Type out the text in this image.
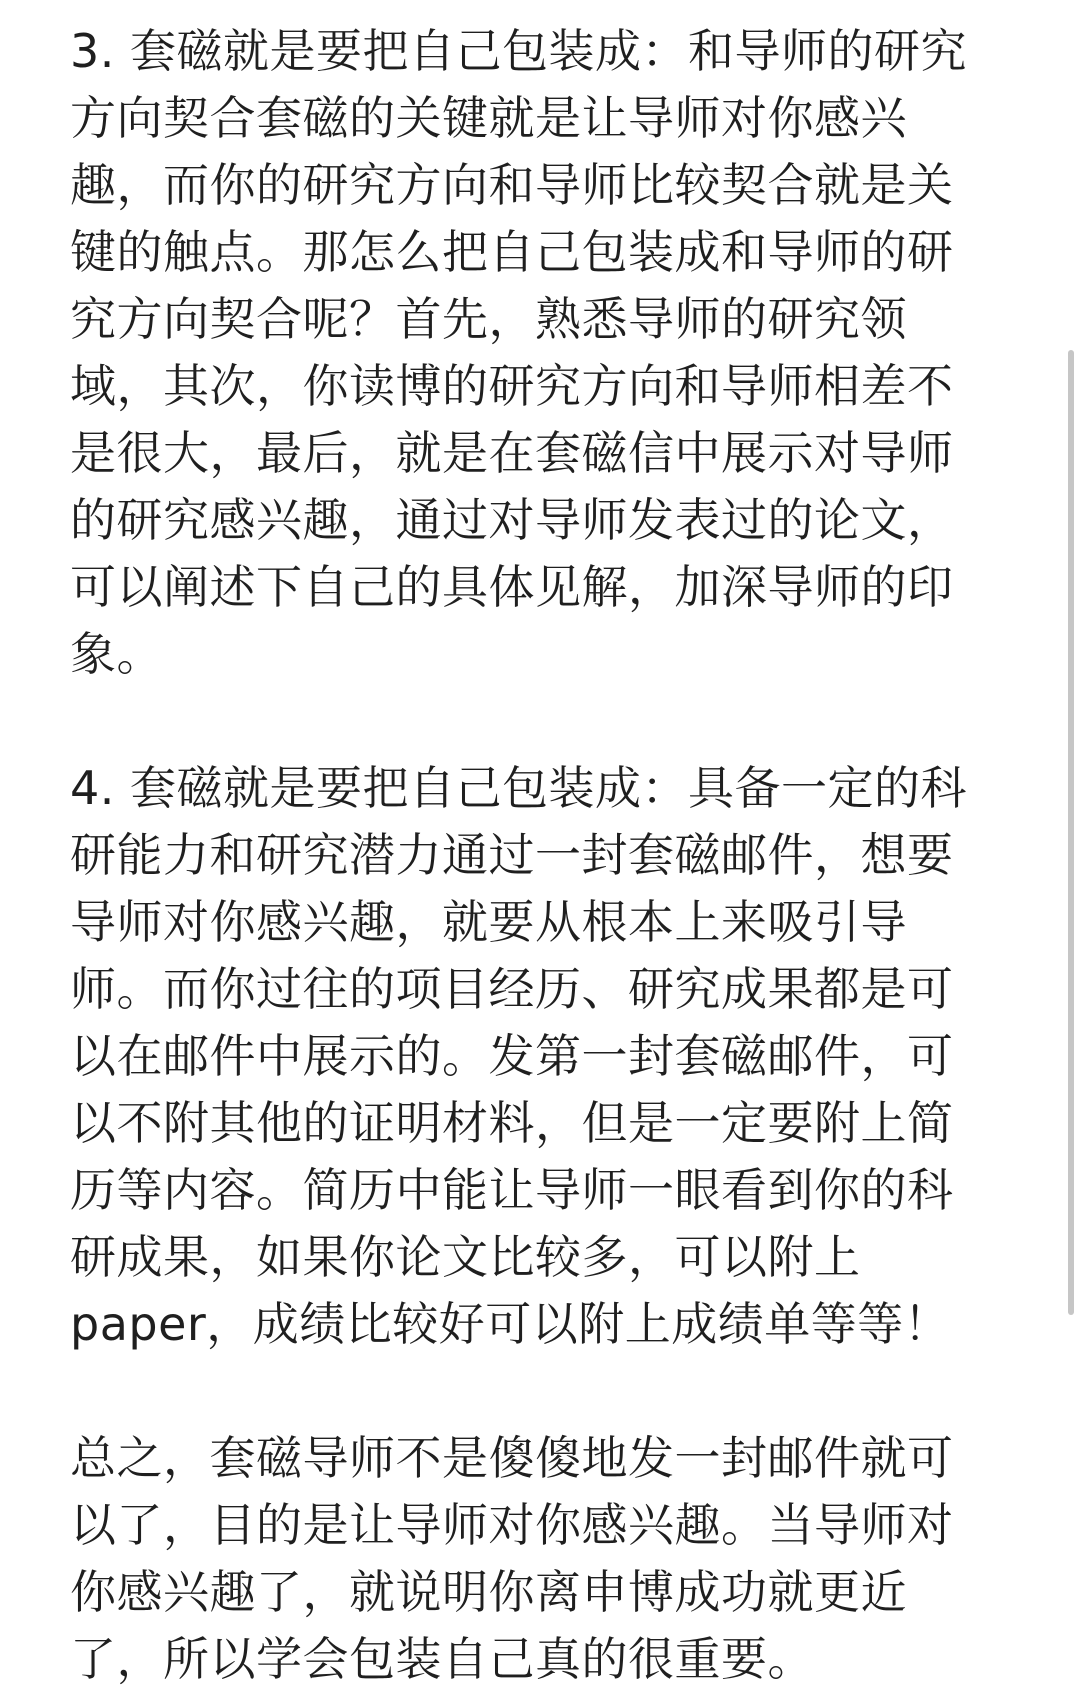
3. 套磁就是要把自己包装成：和导师的研究
方向契合套磁的关键就是让导师对你感兴
趣，而你的研究方向和导师比较契合就是关
键的触点。那怎么把自己包装成和导师的研
究方向契合呢？首先，熟悉导师的研究领
域，其次，你读博的研究方向和导师相差不
是很大，最后，就是在套磁信中展示对导师
的研究感兴趣，通过对导师发表过的论文，
可以阐述下自己的具体见解，加深导师的印
象。
4. 套磁就是要把自己包装成：具备一定的科
研能力和研究潜力通过一封套磁邮件，想要
导师对你感兴趣，就要从根本上来吸引导
师。而你过往的项目经历、研究成果都是可
以在邮件中展示的。发第一封套磁邮件，可
以不附其他的证明材料，但是一定要附上简
历等内容。简历中能让导师一眼看到你的科
研成果，如果你论文比较多，可以附上
paper，成绩比较好可以附上成绩单等等！
总之，套磁导师不是傻傻地发一封邮件就可
以了，目的是让导师对你感兴趣。当导师对
你感兴趣了，就说明你离申博成功就更近
了，所以学会包装自己真的很重要。
